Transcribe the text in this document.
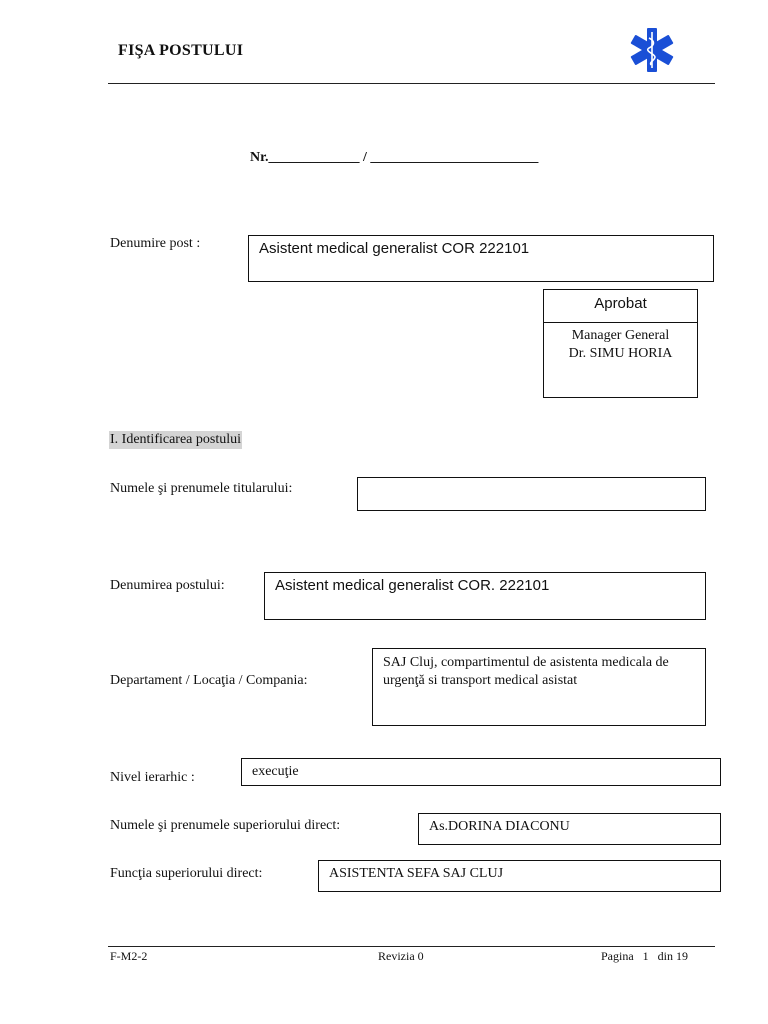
FIŞA POSTULUI
Nr._____________ / ________________________
Denumire post :	Asistent medical generalist COR 222101
Aprobat
Manager General
Dr. SIMU HORIA
I. Identificarea postului
Numele şi prenumele titularului:
Denumirea postului:	Asistent medical generalist COR. 222101
Departament / Locaţia / Compania:
SAJ Cluj, compartimentul de asistenta medicala de urgenţă si transport medical asistat
Nivel ierarhic :	execuţie
Numele şi prenumele superiorului direct:	As.DORINA DIACONU
Funcţia superiorului direct:	ASISTENTA SEFA SAJ CLUJ
F-M2-2	Revizia 0	Pagina   1   din 19
